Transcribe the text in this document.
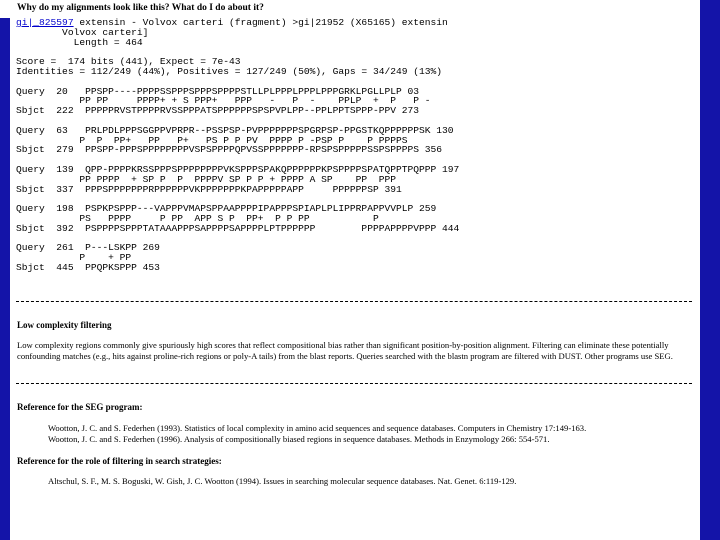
Why do my alignments look like this? What do I do about it?
gi|_825597 extensin - Volvox carteri (fragment) >gi|21952 (X65165) extensin
Volvox carteri]
Length = 464

Score =  174 bits (441), Expect = 7e-43
Identities = 112/249 (44%), Positives = 127/249 (50%), Gaps = 34/249 (13%)

Query  20   PPSPP----PPPPSSPPPSPPPSPPPPSTLLPLPPPLPPPLPPPGRKLPGLLPLP 03
PP PP     PPPP+ + S PPP+   PPP   -   P  -    PPLP  +  P   P -
Sbjct  222  PPPPPRVSTPPPPRVSSPPPATSPPPPPPSPSPVPLPP--PPLPPTSPPP-PPV 273

Query  63   PRLPDLPPPSGGPPVPRPR--PSSPSP-PVPPPPPPPSPGRPSP-PPGSTKQPPPPPPSK 130
P  P  PP+   PP   P+   PS P P PV  PPPP P -PSP P    P PPPPS
Sbjct  279  PPSPP-PPPSPPPPPPPPVSPSPPPPQPVSSPPPPPPP-RPSPSPPPPPSSPSPPPPS 356

Query  139  QPP-PPPPKRSSPPPSPPPPPPPPVKSPPPSPAKQPPPPPPKPSPPPPSPATQPPTPQPPP 197
PP PPPP  + SP P  P  PPPPV SP P P + PPPP A SP    PP  PPP
Sbjct  337  PPPSPPPPPPPRPPPPPPVKPPPPPPPKPAPPPPPAPP     PPPPPPSP 391

Query  198  PSPKPSPPP---VAPPPVMAPSPPAAPPPPIPAPPPSPIAPLPLIPPRPAPPVVPLP 259
PS   PPPP     P PP  APP S P  PP+  P P PP           P
Sbjct  392  PSPPPPSPPPTATAAAPPPSAPPPPSAPPPPLPTPPPPPP        PPPPAPPPPVPPP 444

Query  261  P---LSKPP 269
P    + PP
Sbjct  445  PPQPKSPPP 453
Low complexity filtering
Low complexity regions commonly give spuriously high scores that reflect compositional bias rather than significant position-by-position alignment. Filtering can eliminate these potentially confounding matches (e.g., hits against proline-rich regions or poly-A tails) from the blast reports. Queries searched with the blastn program are filtered with DUST. Other programs use SEG.
Reference for the SEG program:
Wootton, J. C. and S. Federhen (1993). Statistics of local complexity in amino acid sequences and sequence databases. Computers in Chemistry 17:149-163.
Wootton, J. C. and S. Federhen (1996). Analysis of compositionally biased regions in sequence databases. Methods in Enzymology 266: 554-571.
Reference for the role of filtering in search strategies:
Altschul, S. F., M. S. Boguski, W. Gish, J. C. Wootton (1994). Issues in searching molecular sequence databases. Nat. Genet. 6:119-129.
